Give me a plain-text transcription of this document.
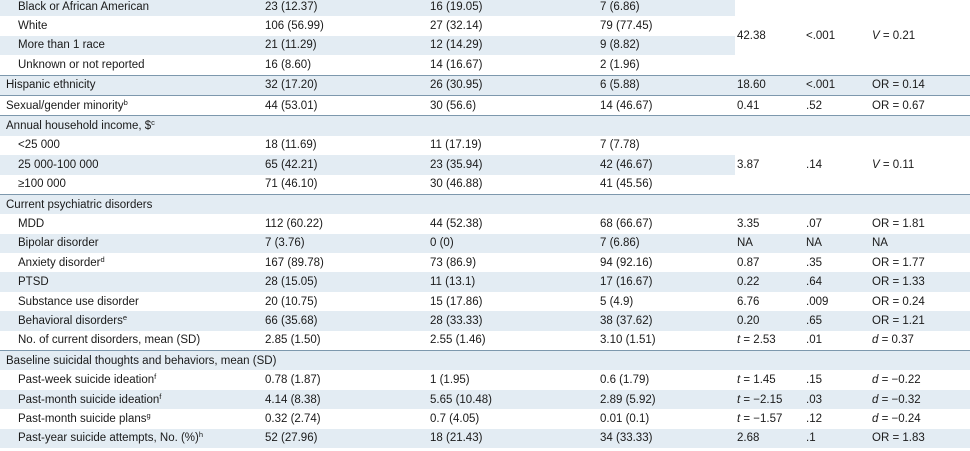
Black or African American	23 (12.37)	16 (19.05)	7 (6.86)	42.38	<.001	V = 0.21
White	106 (56.99)	27 (32.14)	79 (77.45)			
More than 1 race	21 (11.29)	12 (14.29)	9 (8.82)			
Unknown or not reported	16 (8.60)	14 (16.67)	2 (1.96)			
Hispanic ethnicity	32 (17.20)	26 (30.95)	6 (5.88)	18.60	<.001	OR = 0.14
Sexual/gender minority$^b$	44 (53.01)	30 (56.6)	14 (46.67)	0.41	.52	OR = 0.67
Annual household income, \$$^c$
<25 000	18 (11.69)	11 (17.19)	7 (7.78)	3.87	.14	V = 0.11
25 000-100 000	65 (42.21)	23 (35.94)	42 (46.67)			
≥100 000	71 (46.10)	30 (46.88)	41 (45.56)			
Current psychiatric disorders						
MDD	112 (60.22)	44 (52.38)	68 (66.67)	3.35	.07	OR = 1.81
Bipolar disorder	7 (3.76)	0 (0)	7 (6.86)	NA	NA	NA
Anxiety disorder$^d$	167 (89.78)	73 (86.9)	94 (92.16)	0.87	.35	OR = 1.77
PTSD	28 (15.05)	11 (13.1)	17 (16.67)	0.22	.64	OR = 1.33
Substance use disorder	20 (10.75)	15 (17.86)	5 (4.9)	6.76	.009	OR = 0.24
Behavioral disorders$^e$	66 (35.68)	28 (33.33)	38 (37.62)	0.20	.65	OR = 1.21
No. of current disorders, mean (SD)	2.85 (1.50)	2.55 (1.46)	3.10 (1.51)	t = 2.53	.01	d = 0.37
Baseline suicidal thoughts and behaviors, mean (SD)						
Past-week suicide ideation$^f$	0.78 (1.87)	1 (1.95)	0.6 (1.79)	t = 1.45	.15	d = −0.22
Past-month suicide ideation$^f$	4.14 (8.38)	5.65 (10.48)	2.89 (5.92)	t = −2.15	.03	d = −0.32
Past-month suicide plans$^g$	0.32 (2.74)	0.7 (4.05)	0.01 (0.1)	t = −1.57	.12	d = −0.24
Past-year suicide attempts, No. (%)$^h$	52 (27.96)	18 (21.43)	34 (33.33)	2.68	.1	OR = 1.83
